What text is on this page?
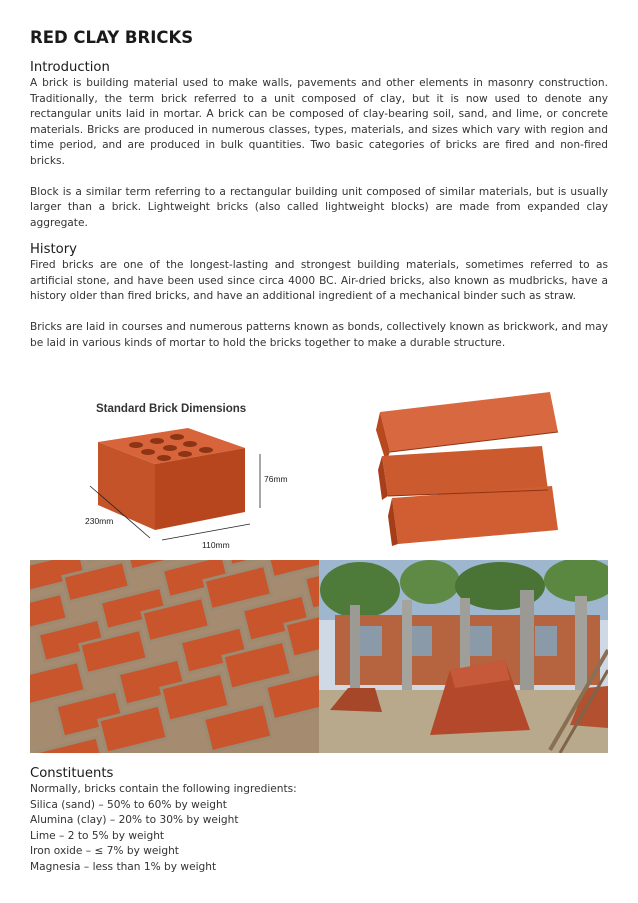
RED CLAY BRICKS
Introduction

A brick is building material used to make walls, pavements and other elements in masonry construction. Traditionally, the term brick referred to a unit composed of clay, but it is now used to denote any rectangular units laid in mortar. A brick can be composed of clay-bearing soil, sand, and lime, or concrete materials. Bricks are produced in numerous classes, types, materials, and sizes which vary with region and time period, and are produced in bulk quantities. Two basic categories of bricks are fired and non-fired bricks.

Block is a similar term referring to a rectangular building unit composed of similar materials, but is usually larger than a brick. Lightweight bricks (also called lightweight blocks) are made from expanded clay aggregate.

History

Fired bricks are one of the longest-lasting and strongest building materials, sometimes referred to as artificial stone, and have been used since circa 4000 BC. Air-dried bricks, also known as mudbricks, have a history older than fired bricks, and have an additional ingredient of a mechanical binder such as straw.

Bricks are laid in courses and numerous patterns known as bonds, collectively known as brickwork, and may be laid in various kinds of mortar to hold the bricks together to make a durable structure.

Standard Brick Dimensions
230mm
110mm
76mm
Constituents

Normally, bricks contain the following ingredients:

Silica (sand) – 50% to 60% by weight
Alumina (clay) – 20% to 30% by weight
Lime – 2 to 5% by weight
Iron oxide – ≤ 7% by weight
Magnesia – less than 1% by weight
